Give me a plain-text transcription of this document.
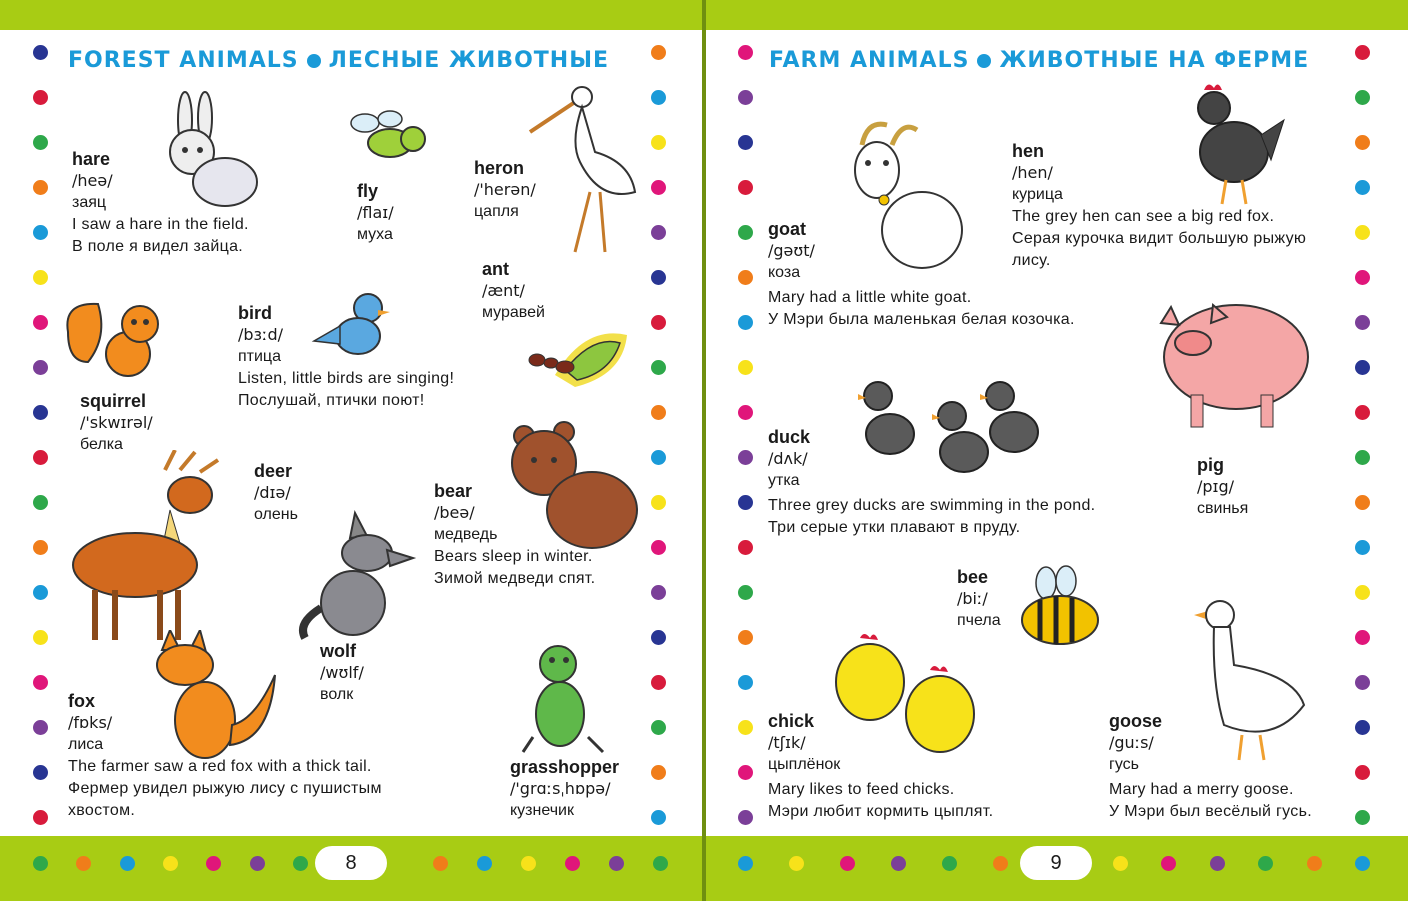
FOREST ANIMALS ЛЕСНЫЕ ЖИВОТНЫЕ
hare
/heə/
заяц
I saw a hare in the field.
В поле я видел зайца.
fly
/flaɪ/
муха
heron
/'herən/
цапля
ant
/ænt/
муравей
bird
/bɜːd/
птица
Listen, little birds are singing!
Послушай, птички поют!
squirrel
/'skwɪrəl/
белка
deer
/dɪə/
олень
bear
/beə/
медведь
Bears sleep in winter.
Зимой медведи спят.
wolf
/wʊlf/
волк
fox
/fɒks/
лиса
The farmer saw a red fox with a thick tail.
Фермер увидел рыжую лису с пушистым
хвостом.
grasshopper
/'grɑːsˌhɒpə/
кузнечик
FARM ANIMALS ЖИВОТНЫЕ НА ФЕРМЕ
hen
/hen/
курица
The grey hen can see a big red fox.
Серая курочка видит большую рыжую
лису.
goat
/gəʊt/
коза
Mary had a little white goat.
У Мэри была маленькая белая козочка.
duck
/dʌk/
утка
Three grey ducks are swimming in the pond.
Три серые утки плавают в пруду.
pig
/pɪg/
свинья
bee
/biː/
пчела
chick
/tʃɪk/
цыплёнок
Mary likes to feed chicks.
Мэри любит кормить цыплят.
goose
/guːs/
гусь
Mary had a merry goose.
У Мэри был весёлый гусь.
8	9
